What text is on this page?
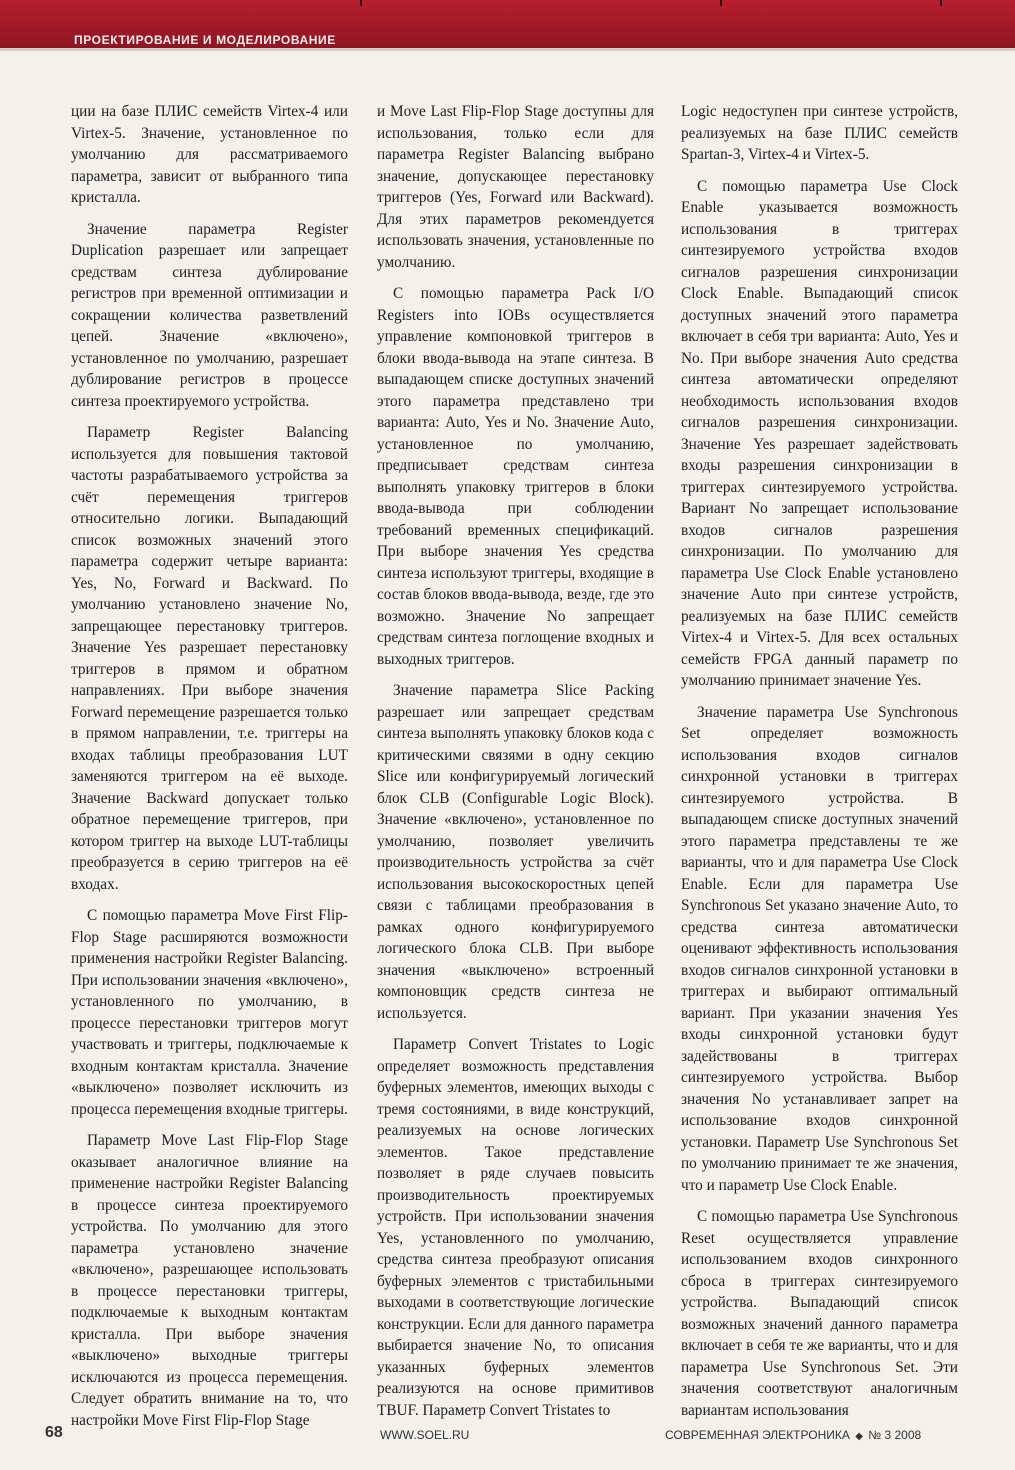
ПРОЕКТИРОВАНИЕ И МОДЕЛИРОВАНИЕ

ции на базе ПЛИС семейств Virtex-4 или Virtex-5. Значение, установленное по умолчанию для рассматриваемого параметра, зависит от выбранного типа кристалла.

Значение параметра Register Duplication разрешает или запрещает средствам синтеза дублирование регистров при временной оптимизации и сокращении количества разветвлений цепей. Значение «включено», установленное по умолчанию, разрешает дублирование регистров в процессе синтеза проектируемого устройства.

Параметр Register Balancing используется для повышения тактовой частоты разрабатываемого устройства за счёт перемещения триггеров относительно логики. Выпадающий список возможных значений этого параметра содержит четыре варианта: Yes, No, Forward и Backward. По умолчанию установлено значение No, запрещающее перестановку триггеров. Значение Yes разрешает перестановку триггеров в прямом и обратном направлениях. При выборе значения Forward перемещение разрешается только в прямом направлении, т.е. триггеры на входах таблицы преобразования LUT заменяются триггером на её выходе. Значение Backward допускает только обратное перемещение триггеров, при котором триггер на выходе LUT-таблицы преобразуется в серию триггеров на её входах.

С помощью параметра Move First Flip-Flop Stage расширяются возможности применения настройки Register Balancing. При использовании значения «включено», установленного по умолчанию, в процессе перестановки триггеров могут участвовать и триггеры, подключаемые к входным контактам кристалла. Значение «выключено» позволяет исключить из процесса перемещения входные триггеры.

Параметр Move Last Flip-Flop Stage оказывает аналогичное влияние на применение настройки Register Balancing в процессе синтеза проектируемого устройства. По умолчанию для этого параметра установлено значение «включено», разрешающее использовать в процессе перестановки триггеры, подключаемые к выходным контактам кристалла. При выборе значения «выключено» выходные триггеры исключаются из процесса перемещения. Следует обратить внимание на то, что настройки Move First Flip-Flop Stage

и Move Last Flip-Flop Stage доступны для использования, только если для параметра Register Balancing выбрано значение, допускающее перестановку триггеров (Yes, Forward или Backward). Для этих параметров рекомендуется использовать значения, установленные по умолчанию.

С помощью параметра Pack I/O Registers into IOBs осуществляется управление компоновкой триггеров в блоки ввода-вывода на этапе синтеза. В выпадающем списке доступных значений этого параметра представлено три варианта: Auto, Yes и No. Значение Auto, установленное по умолчанию, предписывает средствам синтеза выполнять упаковку триггеров в блоки ввода-вывода при соблюдении требований временных спецификаций. При выборе значения Yes средства синтеза используют триггеры, входящие в состав блоков ввода-вывода, везде, где это возможно. Значение No запрещает средствам синтеза поглощение входных и выходных триггеров.

Значение параметра Slice Packing разрешает или запрещает средствам синтеза выполнять упаковку блоков кода с критическими связями в одну секцию Slice или конфигурируемый логический блок CLB (Configurable Logic Block). Значение «включено», установленное по умолчанию, позволяет увеличить производительность устройства за счёт использования высокоскоростных цепей связи с таблицами преобразования в рамках одного конфигурируемого логического блока CLB. При выборе значения «выключено» встроенный компоновщик средств синтеза не используется.

Параметр Convert Tristates to Logic определяет возможность представления буферных элементов, имеющих выходы с тремя состояниями, в виде конструкций, реализуемых на основе логических элементов. Такое представление позволяет в ряде случаев повысить производительность проектируемых устройств. При использовании значения Yes, установленного по умолчанию, средства синтеза преобразуют описания буферных элементов с тристабильными выходами в соответствующие логические конструкции. Если для данного параметра выбирается значение No, то описания указанных буферных элементов реализуются на основе примитивов TBUF. Параметр Convert Tristates to

Logic недоступен при синтезе устройств, реализуемых на базе ПЛИС семейств Spartan-3, Virtex-4 и Virtex-5.

С помощью параметра Use Clock Enable указывается возможность использования в триггерах синтезируемого устройства входов сигналов разрешения синхронизации Clock Enable. Выпадающий список доступных значений этого параметра включает в себя три варианта: Auto, Yes и No. При выборе значения Auto средства синтеза автоматически определяют необходимость использования входов сигналов разрешения синхронизации. Значение Yes разрешает задействовать входы разрешения синхронизации в триггерах синтезируемого устройства. Вариант No запрещает использование входов сигналов разрешения синхронизации. По умолчанию для параметра Use Clock Enable установлено значение Auto при синтезе устройств, реализуемых на базе ПЛИС семейств Virtex-4 и Virtex-5. Для всех остальных семейств FPGA данный параметр по умолчанию принимает значение Yes.

Значение параметра Use Synchronous Set определяет возможность использования входов сигналов синхронной установки в триггерах синтезируемого устройства. В выпадающем списке доступных значений этого параметра представлены те же варианты, что и для параметра Use Clock Enable. Если для параметра Use Synchronous Set указано значение Auto, то средства синтеза автоматически оценивают эффективность использования входов сигналов синхронной установки в триггерах и выбирают оптимальный вариант. При указании значения Yes входы синхронной установки будут задействованы в триггерах синтезируемого устройства. Выбор значения No устанавливает запрет на использование входов синхронной установки. Параметр Use Synchronous Set по умолчанию принимает те же значения, что и параметр Use Clock Enable.

С помощью параметра Use Synchronous Reset осуществляется управление использованием входов синхронного сброса в триггерах синтезируемого устройства. Выпадающий список возможных значений данного параметра включает в себя те же варианты, что и для параметра Use Synchronous Set. Эти значения соответствуют аналогичным вариантам использования

68	WWW.SOEL.RU	СОВРЕМЕННАЯ ЭЛЕКТРОНИКА ◆ № 3 2008
